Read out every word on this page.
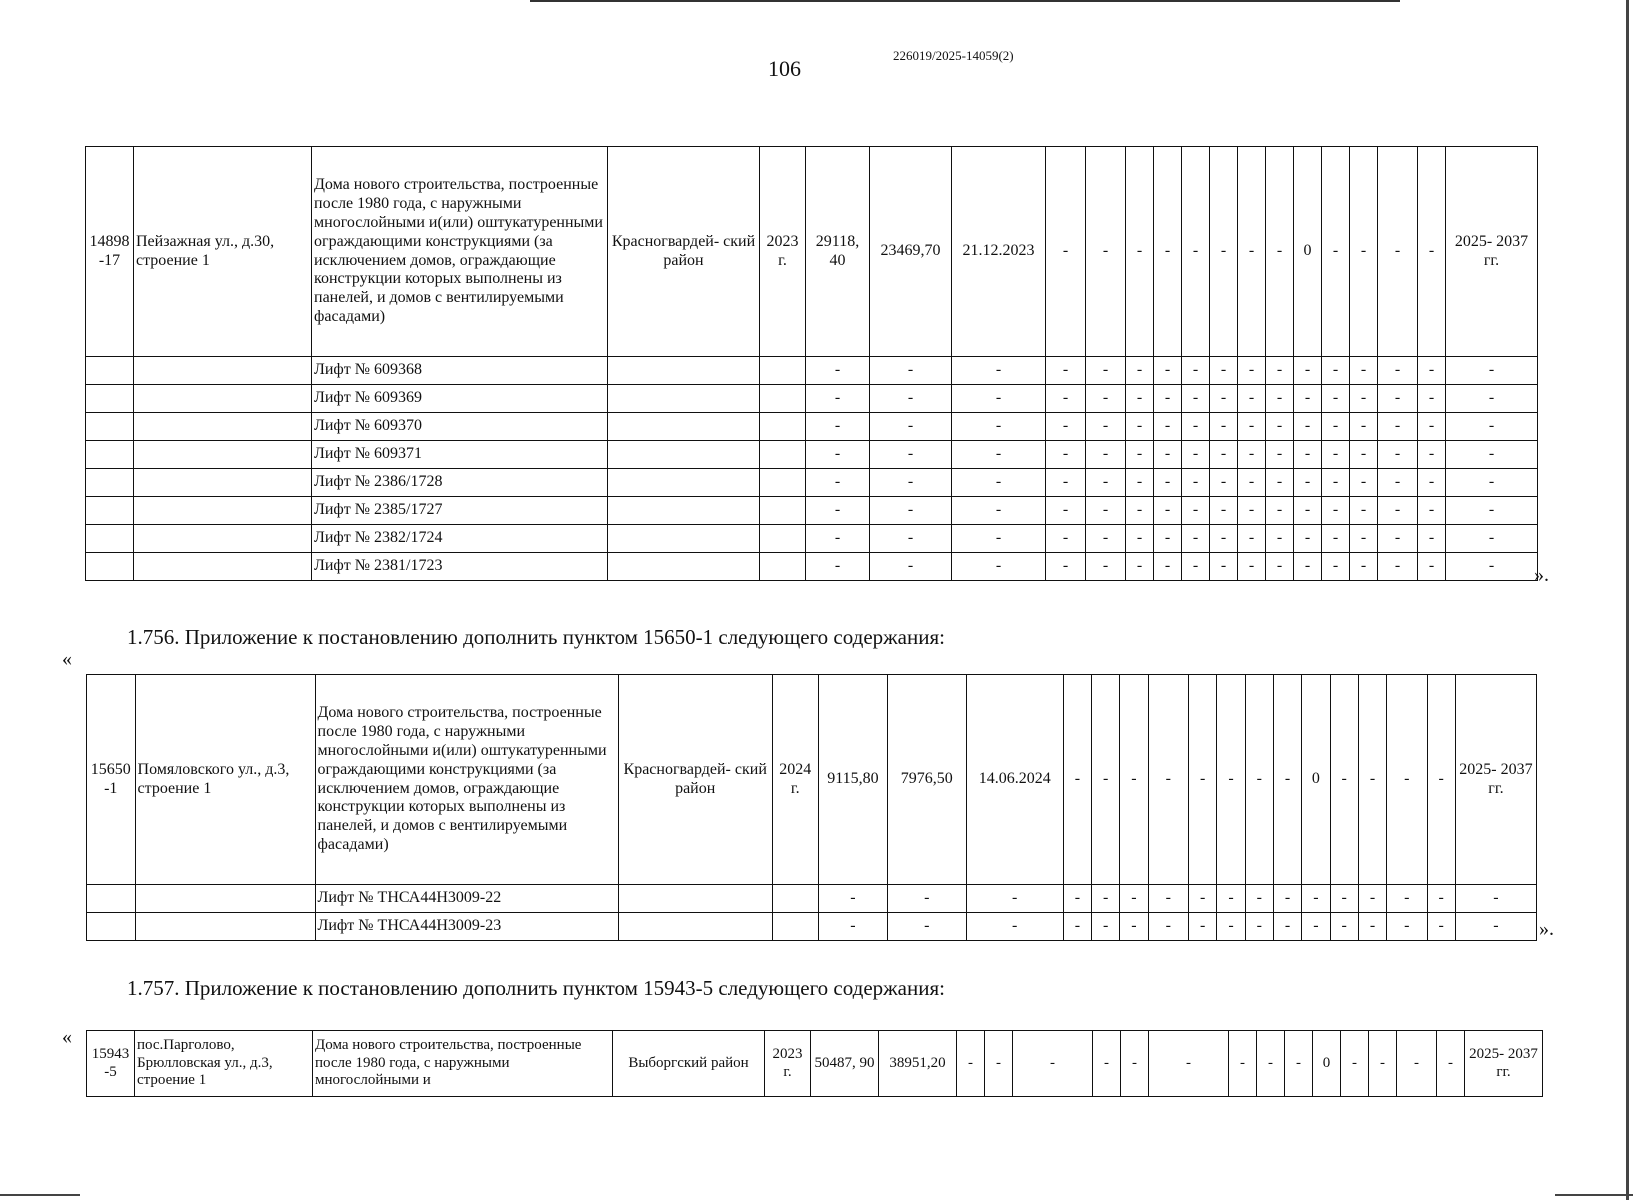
106
226019/2025-14059(2)
14898 -17	Пейзажная ул., д.30, строение 1	Дома нового строительства, построенные после 1980 года, с наружными многослойными и(или) оштукатуренными ограждающими конструкциями (за исключением домов, ограждающие конструкции которых выполнены из панелей, и домов с вентилируемыми фасадами)	Красногвардей- ский район	2023 г.	29118, 40	23469,70	21.12.2023	-	-	-	-	-	-	-	-	0	-	-	-	-	2025- 2037 гг.
		Лифт № 609368			-	-	-	-	-	-	-	-	-	-	-	-	-	-	-	-	-
		Лифт № 609369			-	-	-	-	-	-	-	-	-	-	-	-	-	-	-	-	-
		Лифт № 609370			-	-	-	-	-	-	-	-	-	-	-	-	-	-	-	-	-
		Лифт № 609371			-	-	-	-	-	-	-	-	-	-	-	-	-	-	-	-	-
		Лифт № 2386/1728			-	-	-	-	-	-	-	-	-	-	-	-	-	-	-	-	-
		Лифт № 2385/1727			-	-	-	-	-	-	-	-	-	-	-	-	-	-	-	-	-
		Лифт № 2382/1724			-	-	-	-	-	-	-	-	-	-	-	-	-	-	-	-	-
		Лифт № 2381/1723			-	-	-	-	-	-	-	-	-	-	-	-	-	-	-	-	- ».
1.756. Приложение к постановлению дополнить пунктом 15650-1 следующего содержания:
«
15650 -1	Помяловского ул., д.3, строение 1	Дома нового строительства, построенные после 1980 года, с наружными многослойными и(или) оштукатуренными ограждающими конструкциями (за исключением домов, ограждающие конструкции которых выполнены из панелей, и домов с вентилируемыми фасадами)	Красногвардей- ский район	2024 г.	9115,80	7976,50	14.06.2024	-	-	-	-	-	-	-	-	0	-	-	-	-	2025- 2037 гг.
		Лифт № ТНСА44Н3009-22			-	-	-	-	-	-	-	-	-	-	-	-	-	-	-	-	-
		Лифт № ТНСА44Н3009-23			-	-	-	-	-	-	-	-	-	-	-	-	-	-	-	-	- ».
1.757. Приложение к постановлению дополнить пунктом 15943-5 следующего содержания:
«
15943 -5	пос.Парголово, Брюлловская ул., д.3, строение 1	Дома нового строительства, построенные после 1980 года, с наружными многослойными и	Выборгский район	2023 г.	50487, 90	38951,20	-	-	-	-	-	-	-	-	-	0	-	-	-	-	2025- 2037 гг.
